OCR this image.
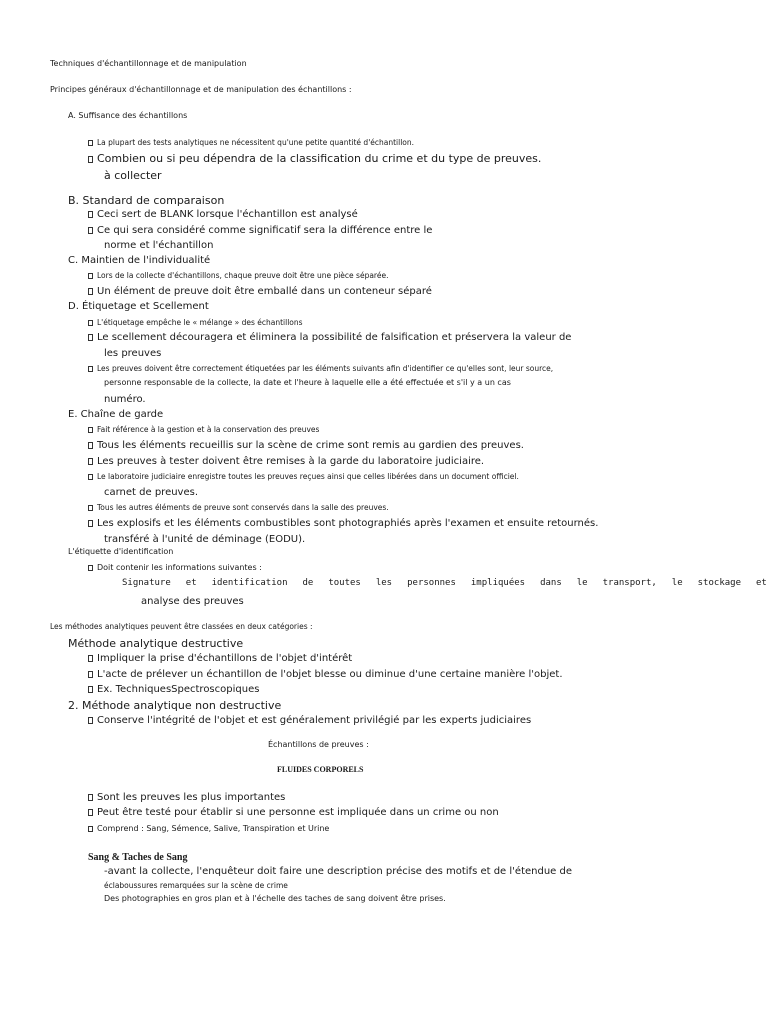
Techniques d'échantillonnage et de manipulation
Principes généraux d'échantillonnage et de manipulation des échantillons :
A. Suffisance des échantillons
La plupart des tests analytiques ne nécessitent qu'une petite quantité d'échantillon.
Combien ou si peu dépendra de la classification du crime et du type de preuves.
à collecter
B. Standard de comparaison
Ceci sert de BLANK lorsque l'échantillon est analysé
Ce qui sera considéré comme significatif sera la différence entre le
norme et l'échantillon
C. Maintien de l'individualité
Lors de la collecte d'échantillons, chaque preuve doit être une pièce séparée.
Un élément de preuve doit être emballé dans un conteneur séparé
D. Étiquetage et Scellement
L'étiquetage empêche le « mélange » des échantillons
Le scellement découragera et éliminera la possibilité de falsification et préservera la valeur de
les preuves
Les preuves doivent être correctement étiquetées par les éléments suivants afin d'identifier ce qu'elles sont, leur source,
personne responsable de la collecte, la date et l'heure à laquelle elle a été effectuée et s'il y a un cas
numéro.
E. Chaîne de garde
Fait référence à la gestion et à la conservation des preuves
Tous les éléments recueillis sur la scène de crime sont remis au gardien des preuves.
Les preuves à tester doivent être remises à la garde du laboratoire judiciaire.
Le laboratoire judiciaire enregistre toutes les preuves reçues ainsi que celles libérées dans un document officiel.
carnet de preuves.
Tous les autres éléments de preuve sont conservés dans la salle des preuves.
Les explosifs et les éléments combustibles sont photographiés après l'examen et ensuite retournés.
transféré à l'unité de déminage (EODU).
L'étiquette d'identification
Doit contenir les informations suivantes :
Signature et identification de toutes les personnes impliquées dans le transport, le stockage et
analyse des preuves
Les méthodes analytiques peuvent être classées en deux catégories :
Méthode analytique destructive
Impliquer la prise d'échantillons de l'objet d'intérêt
L'acte de prélever un échantillon de l'objet blesse ou diminue d'une certaine manière l'objet.
Ex. TechniquesSpectroscopiques
2. Méthode analytique non destructive
Conserve l'intégrité de l'objet et est généralement privilégié par les experts judiciaires
Échantillons de preuves :
FLUIDES CORPORELS
Sont les preuves les plus importantes
Peut être testé pour établir si une personne est impliquée dans un crime ou non
Comprend : Sang, Sémence, Salive, Transpiration et Urine
Sang & Taches de Sang
-avant la collecte, l'enquêteur doit faire une description précise des motifs et de l'étendue de
éclaboussures remarquées sur la scène de crime
Des photographies en gros plan et à l'échelle des taches de sang doivent être prises.
